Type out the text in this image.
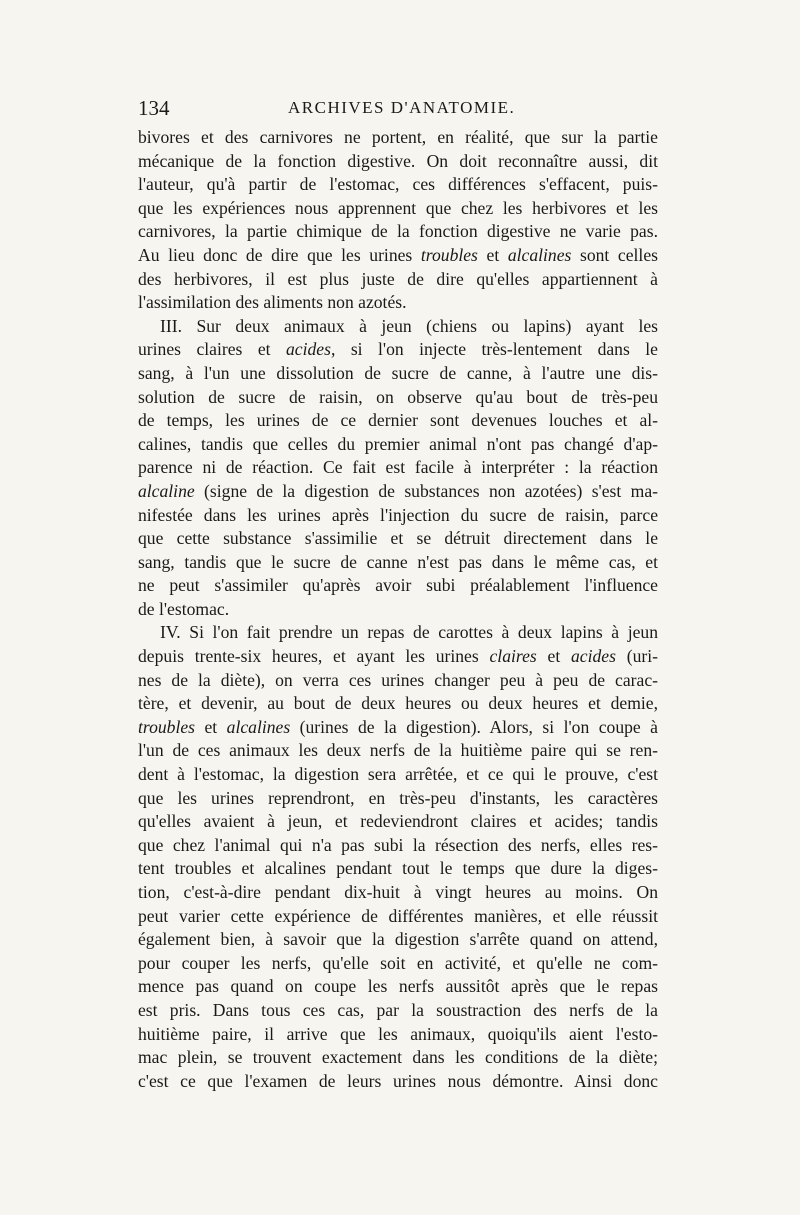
134	ARCHIVES D'ANATOMIE.
bivores et des carnivores ne portent, en réalité, que sur la partie
mécanique de la fonction digestive. On doit reconnaître aussi, dit
l'auteur, qu'à partir de l'estomac, ces différences s'effacent, puis-
que les expériences nous apprennent que chez les herbivores et les
carnivores, la partie chimique de la fonction digestive ne varie pas.
Au lieu donc de dire que les urines troubles et alcalines sont celles
des herbivores, il est plus juste de dire qu'elles appartiennent à
l'assimilation des aliments non azotés.
III. Sur deux animaux à jeun (chiens ou lapins) ayant les
urines claires et acides, si l'on injecte très-lentement dans le
sang, à l'un une dissolution de sucre de canne, à l'autre une dis-
solution de sucre de raisin, on observe qu'au bout de très-peu
de temps, les urines de ce dernier sont devenues louches et al-
calines, tandis que celles du premier animal n'ont pas changé d'ap-
parence ni de réaction. Ce fait est facile à interpréter : la réaction
alcaline (signe de la digestion de substances non azotées) s'est ma-
nifestée dans les urines après l'injection du sucre de raisin, parce
que cette substance s'assimilie et se détruit directement dans le
sang, tandis que le sucre de canne n'est pas dans le même cas, et
ne peut s'assimiler qu'après avoir subi préalablement l'influence
de l'estomac.
IV. Si l'on fait prendre un repas de carottes à deux lapins à jeun
depuis trente-six heures, et ayant les urines claires et acides (uri-
nes de la diète), on verra ces urines changer peu à peu de carac-
tère, et devenir, au bout de deux heures ou deux heures et demie,
troubles et alcalines (urines de la digestion). Alors, si l'on coupe à
l'un de ces animaux les deux nerfs de la huitième paire qui se ren-
dent à l'estomac, la digestion sera arrêtée, et ce qui le prouve, c'est
que les urines reprendront, en très-peu d'instants, les caractères
qu'elles avaient à jeun, et redeviendront claires et acides; tandis
que chez l'animal qui n'a pas subi la résection des nerfs, elles res-
tent troubles et alcalines pendant tout le temps que dure la diges-
tion, c'est-à-dire pendant dix-huit à vingt heures au moins. On
peut varier cette expérience de différentes manières, et elle réussit
également bien, à savoir que la digestion s'arrête quand on attend,
pour couper les nerfs, qu'elle soit en activité, et qu'elle ne com-
mence pas quand on coupe les nerfs aussitôt après que le repas
est pris. Dans tous ces cas, par la soustraction des nerfs de la
huitième paire, il arrive que les animaux, quoiqu'ils aient l'esto-
mac plein, se trouvent exactement dans les conditions de la diète;
c'est ce que l'examen de leurs urines nous démontre. Ainsi donc
